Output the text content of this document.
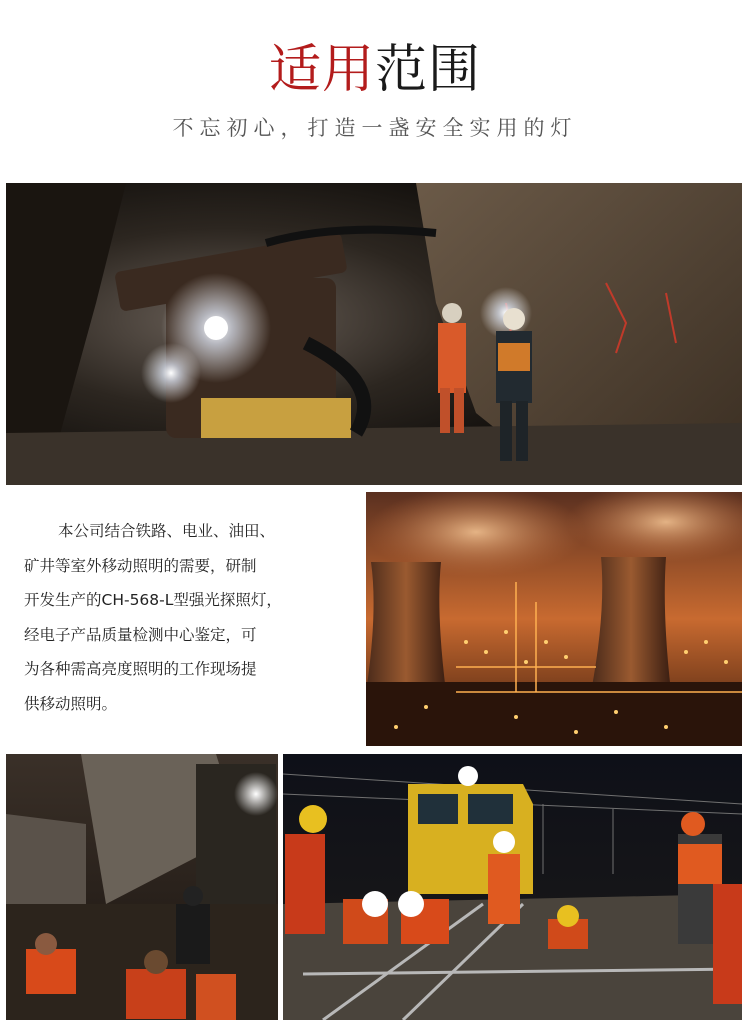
适用范围
不忘初心，打造一盏安全实用的灯
本公司结合铁路、电业、油田、
矿井等室外移动照明的需要，研制
开发生产的CH-568-L型强光探照灯，
经电子产品质量检测中心鉴定，可
为各种需高亮度照明的工作现场提
供移动照明。
